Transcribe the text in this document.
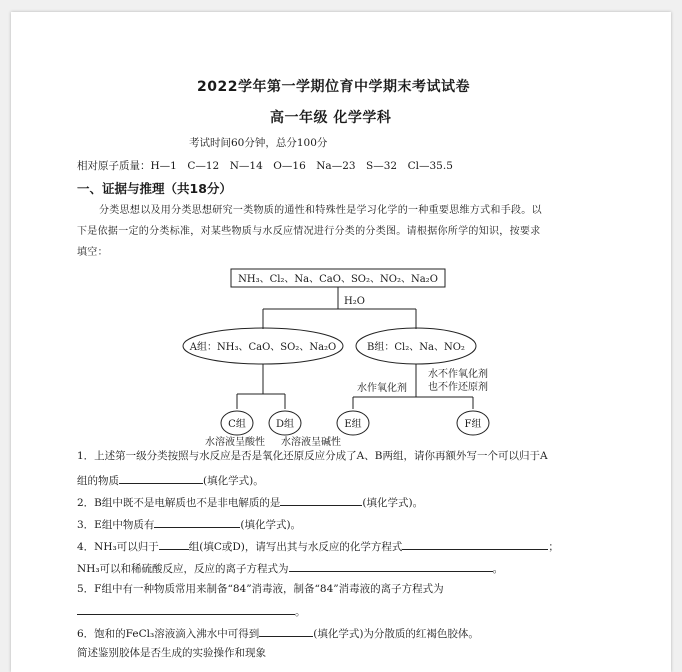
2022学年第一学期位育中学期末考试试卷
高一年级 化学学科
考试时间60分钟，总分100分
相对原子质量：H—1　C—12　N—14　O—16　Na—23　S—32　Cl—35.5
一、证据与推理（共18分）
分类思想以及用分类思想研究一类物质的通性和特殊性是学习化学的一种重要思维方式和手段。以
下是依据一定的分类标准，对某些物质与水反应情况进行分类的分类图。请根据你所学的知识，按要求
填空：
NH₃、Cl₂、Na、CaO、SO₂、NO₂、Na₂O
H₂O
A组：NH₃、CaO、SO₂、Na₂O	B组：Cl₂、Na、NO₂
水作氧化剂
水不作氧化剂
也不作还原剂
C组	D组	E组	F组
水溶液呈酸性 水溶液呈碱性
1．上述第一级分类按照与水反应是否是氧化还原反应分成了A、B两组，请你再额外写一个可以归于A
组的物质	(填化学式)。
2．B组中既不是电解质也不是非电解质的是	(填化学式)。
3．E组中物质有	(填化学式)。
4．NH₃可以归于	组(填C或D)，请写出其与水反应的化学方程式	；
NH₃可以和稀硫酸反应，反应的离子方程式为	。
5．F组中有一种物质常用来制备“84”消毒液，制备“84”消毒液的离子方程式为
。
6．饱和的FeCl₃溶液滴入沸水中可得到	(填化学式)为分散质的红褐色胶体。
简述鉴别胶体是否生成的实验操作和现象
